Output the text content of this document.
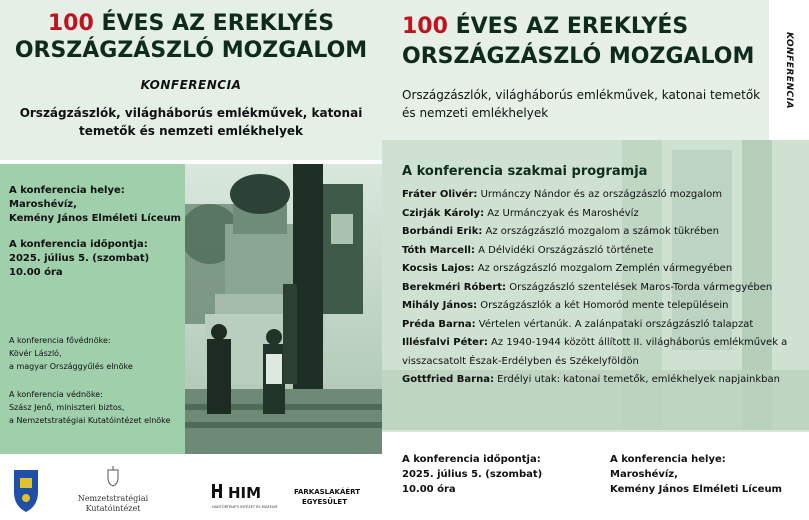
100 ÉVES AZ EREKLYÉS
ORSZÁGZÁSZLÓ MOZGALOM
KONFERENCIA
Országzászlók, világháborús emlékművek, katonai temetők és nemzeti emlékhelyek
A konferencia helye:
Maroshévíz,
Kemény János Elméleti Líceum
A konferencia időpontja:
2025. július 5. (szombat)
10.00 óra
A konferencia fővédnöke:
Kövér László,
a magyar Országgyűlés elnöke
A konferencia védnöke:
Szász Jenő, miniszteri biztos,
a Nemzetstratégiai Kutatóintézet elnöke
Nemzetstratégiai
Kutatóintézet
HIM
HADTÖRTÉNETI INTÉZET ÉS MÚZEUM
FARKASLAKÁÉRT
EGYESÜLET
100 ÉVES AZ EREKLYÉS
ORSZÁGZÁSZLÓ MOZGALOM
Országzászlók, világháborús emlékművek, katonai temetők és nemzeti emlékhelyek
KONFERENCIA
A konferencia szakmai programja
Fráter Olivér: Urmánczy Nándor és az országzászló mozgalom
Czirják Károly: Az Urmánczyak és Maroshévíz
Borbándi Erik: Az országzászló mozgalom a számok tükrében
Tóth Marcell: A Délvidéki Országzászló története
Kocsis Lajos: Az országzászló mozgalom Zemplén vármegyében
Berekméri Róbert: Országzászló szentelések Maros-Torda vármegyében
Mihály János: Országzászlók a két Homoród mente településein
Préda Barna: Vértelen vértanúk. A zalánpataki országzászló talapzat
Illésfalvi Péter: Az 1940-1944 között állított II. világháborús emlékművek a visszacsatolt Észak-Erdélyben és Székelyföldön
Gottfried Barna: Erdélyi utak: katonai temetők, emlékhelyek napjainkban
A konferencia időpontja:
2025. július 5. (szombat)
10.00 óra
A konferencia helye:
Maroshévíz,
Kemény János Elméleti Líceum
